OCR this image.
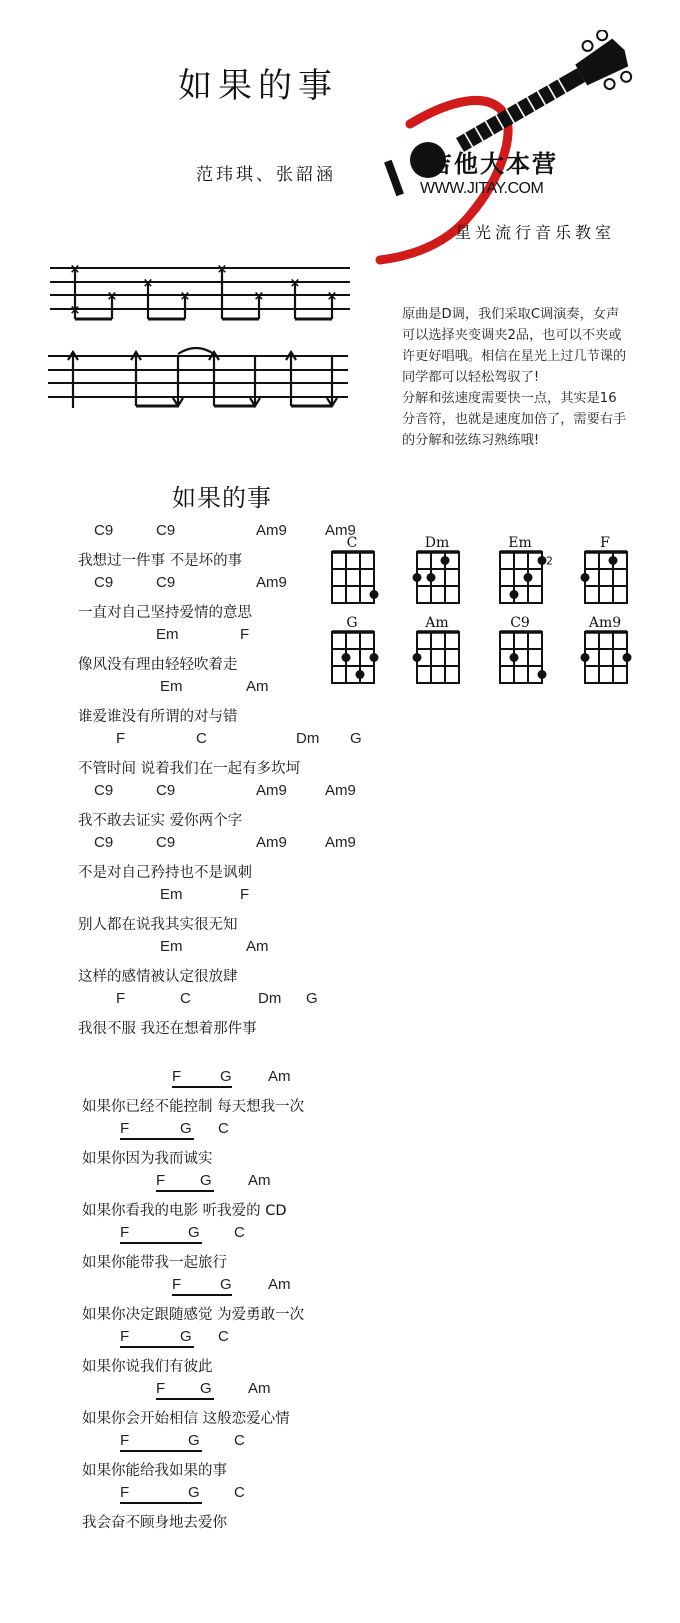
如果的事
范玮琪、张韶涵	吉他大本营
WWW.JITAY.COM
星光流行音乐教室
×
×
×
×
×
×
×
×
×

原曲是D调，我们采取C调演奏，女声可以选择夹变调夹2品，也可以不夹或许更好唱哦。相信在星光上过几节课的同学都可以轻松驾驭了!

分解和弦速度需要快一点，其实是16分音符，也就是速度加倍了，需要右手的分解和弦练习熟练哦!

如果的事
C9	C9	Am9	Am9
我想过一件事 不是坏的事
C9	C9	Am9
一直对自己坚持爱情的意思
Em	F
像风没有理由轻轻吹着走
Em	Am
谁爱谁没有所谓的对与错
F	C	Dm G
不管时间 说着我们在一起有多坎坷
C9	C9	Am9	Am9
我不敢去证实 爱你两个字
C9	C9	Am9	Am9
不是对自己矜持也不是讽刺
Em	F
别人都在说我其实很无知
Em	Am
这样的感情被认定很放肆
F	C	Dm G
我很不服 我还在想着那件事
F	G Am
如果你已经不能控制 每天想我一次
F	G C
如果你因为我而诚实
F G Am
如果你看我的电影 听我爱的 CD
F	G C
如果你能带我一起旅行
F	G Am
如果你决定跟随感觉 为爱勇敢一次
F	G C
如果你说我们有彼此
F G Am
如果你会开始相信 这般恋爱心情
F	G C
如果你能给我如果的事
F	G C
我会奋不顾身地去爱你
C	Dm	Em
2
F
G	Am	C9	Am9
